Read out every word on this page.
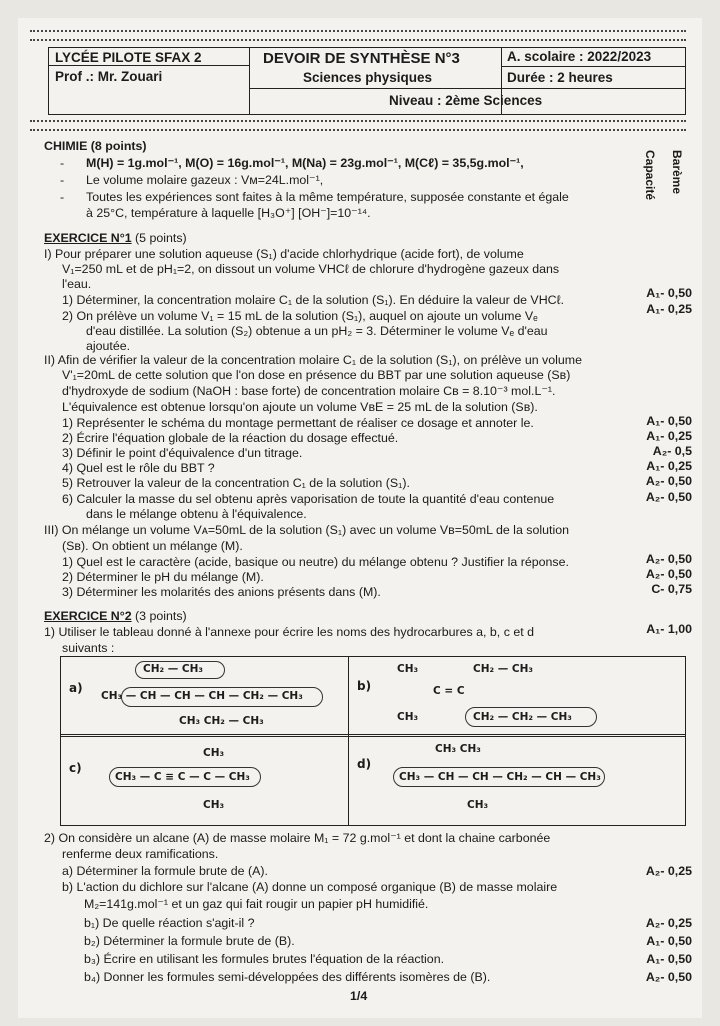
LYCÉE PILOTE SFAX 2
Prof .: Mr. Zouari
DEVOIR DE SYNTHÈSE N°3
Sciences physiques
A. scolaire : 2022/2023
Durée : 2 heures
Niveau : 2ème Sciences
Capacité Barème
CHIMIE (8 points)
- M(H) = 1g.mol⁻¹, M(O) = 16g.mol⁻¹, M(Na) = 23g.mol⁻¹, M(Cℓ) = 35,5g.mol⁻¹,
- Le volume molaire gazeux : Vм=24L.mol⁻¹,
- Toutes les expériences sont faites à la même température, supposée constante et égale
à 25°C, température à laquelle [H₃O⁺] [OH⁻]=10⁻¹⁴.
EXERCICE N°1 (5 points)
I) Pour préparer une solution aqueuse (S₁) d'acide chlorhydrique (acide fort), de volume
V₁=250 mL et de pH₁=2, on dissout un volume VHCℓ de chlorure d'hydrogène gazeux dans
l'eau.
1) Déterminer, la concentration molaire C₁ de la solution (S₁). En déduire la valeur de VHCℓ.
2) On prélève un volume V₁ = 15 mL de la solution (S₁), auquel on ajoute un volume Vₑ
d'eau distillée. La solution (S₂) obtenue a un pH₂ = 3. Déterminer le volume Vₑ d'eau
ajoutée.
II) Afin de vérifier la valeur de la concentration molaire C₁ de la solution (S₁), on prélève un volume
V'₁=20mL de cette solution que l'on dose en présence du BBT par une solution aqueuse (Sв)
d'hydroxyde de sodium (NaOH : base forte) de concentration molaire Cв = 8.10⁻³ mol.L⁻¹.
L'équivalence est obtenue lorsqu'on ajoute un volume VвE = 25 mL de la solution (Sв).
1) Représenter le schéma du montage permettant de réaliser ce dosage et annoter le.
2) Écrire l'équation globale de la réaction du dosage effectué.
3) Définir le point d'équivalence d'un titrage.
4) Quel est le rôle du BBT ?
5) Retrouver la valeur de la concentration C₁ de la solution (S₁).
6) Calculer la masse du sel obtenu après vaporisation de toute la quantité d'eau contenue
dans le mélange obtenu à l'équivalence.
III) On mélange un volume Vᴀ=50mL de la solution (S₁) avec un volume Vв=50mL de la solution
(Sв). On obtient un mélange (M).
1) Quel est le caractère (acide, basique ou neutre) du mélange obtenu ? Justifier la réponse.
2) Déterminer le pH du mélange (M).
3) Déterminer les molarités des anions présents dans (M).
EXERCICE N°2 (3 points)
1) Utiliser le tableau donné à l'annexe pour écrire les noms des hydrocarbures a, b, c et d
suivants :
a)
CH₂ — CH₃
CH₃ — CH — CH — CH — CH₂ — CH₃
CH₃ CH₂ — CH₃
b)
CH₃	CH₂ — CH₃
C = C
CH₃	CH₂ — CH₂ — CH₃
c)
CH₃
CH₃ — C ≡ C — C — CH₃
CH₃
d)
CH₃ CH₃
CH₃ — CH — CH — CH₂ — CH — CH₃
CH₃
2) On considère un alcane (A) de masse molaire M₁ = 72 g.mol⁻¹ et dont la chaine carbonée
renferme deux ramifications.
a) Déterminer la formule brute de (A).
b) L'action du dichlore sur l'alcane (A) donne un composé organique (B) de masse molaire
M₂=141g.mol⁻¹ et un gaz qui fait rougir un papier pH humidifié.
b₁) De quelle réaction s'agit-il ?
b₂) Déterminer la formule brute de (B).
b₃) Écrire en utilisant les formules brutes l'équation de la réaction.
b₄) Donner les formules semi-développées des différents isomères de (B).
A₁- 0,50
A₁- 0,25
A₁- 0,50
A₁- 0,25
A₂- 0,5
A₁- 0,25
A₂- 0,50
A₂- 0,50
A₂- 0,50
A₂- 0,50
C- 0,75
A₁- 1,00
A₂- 0,25
A₂- 0,25
A₁- 0,50
A₁- 0,50
A₂- 0,50
1/4
